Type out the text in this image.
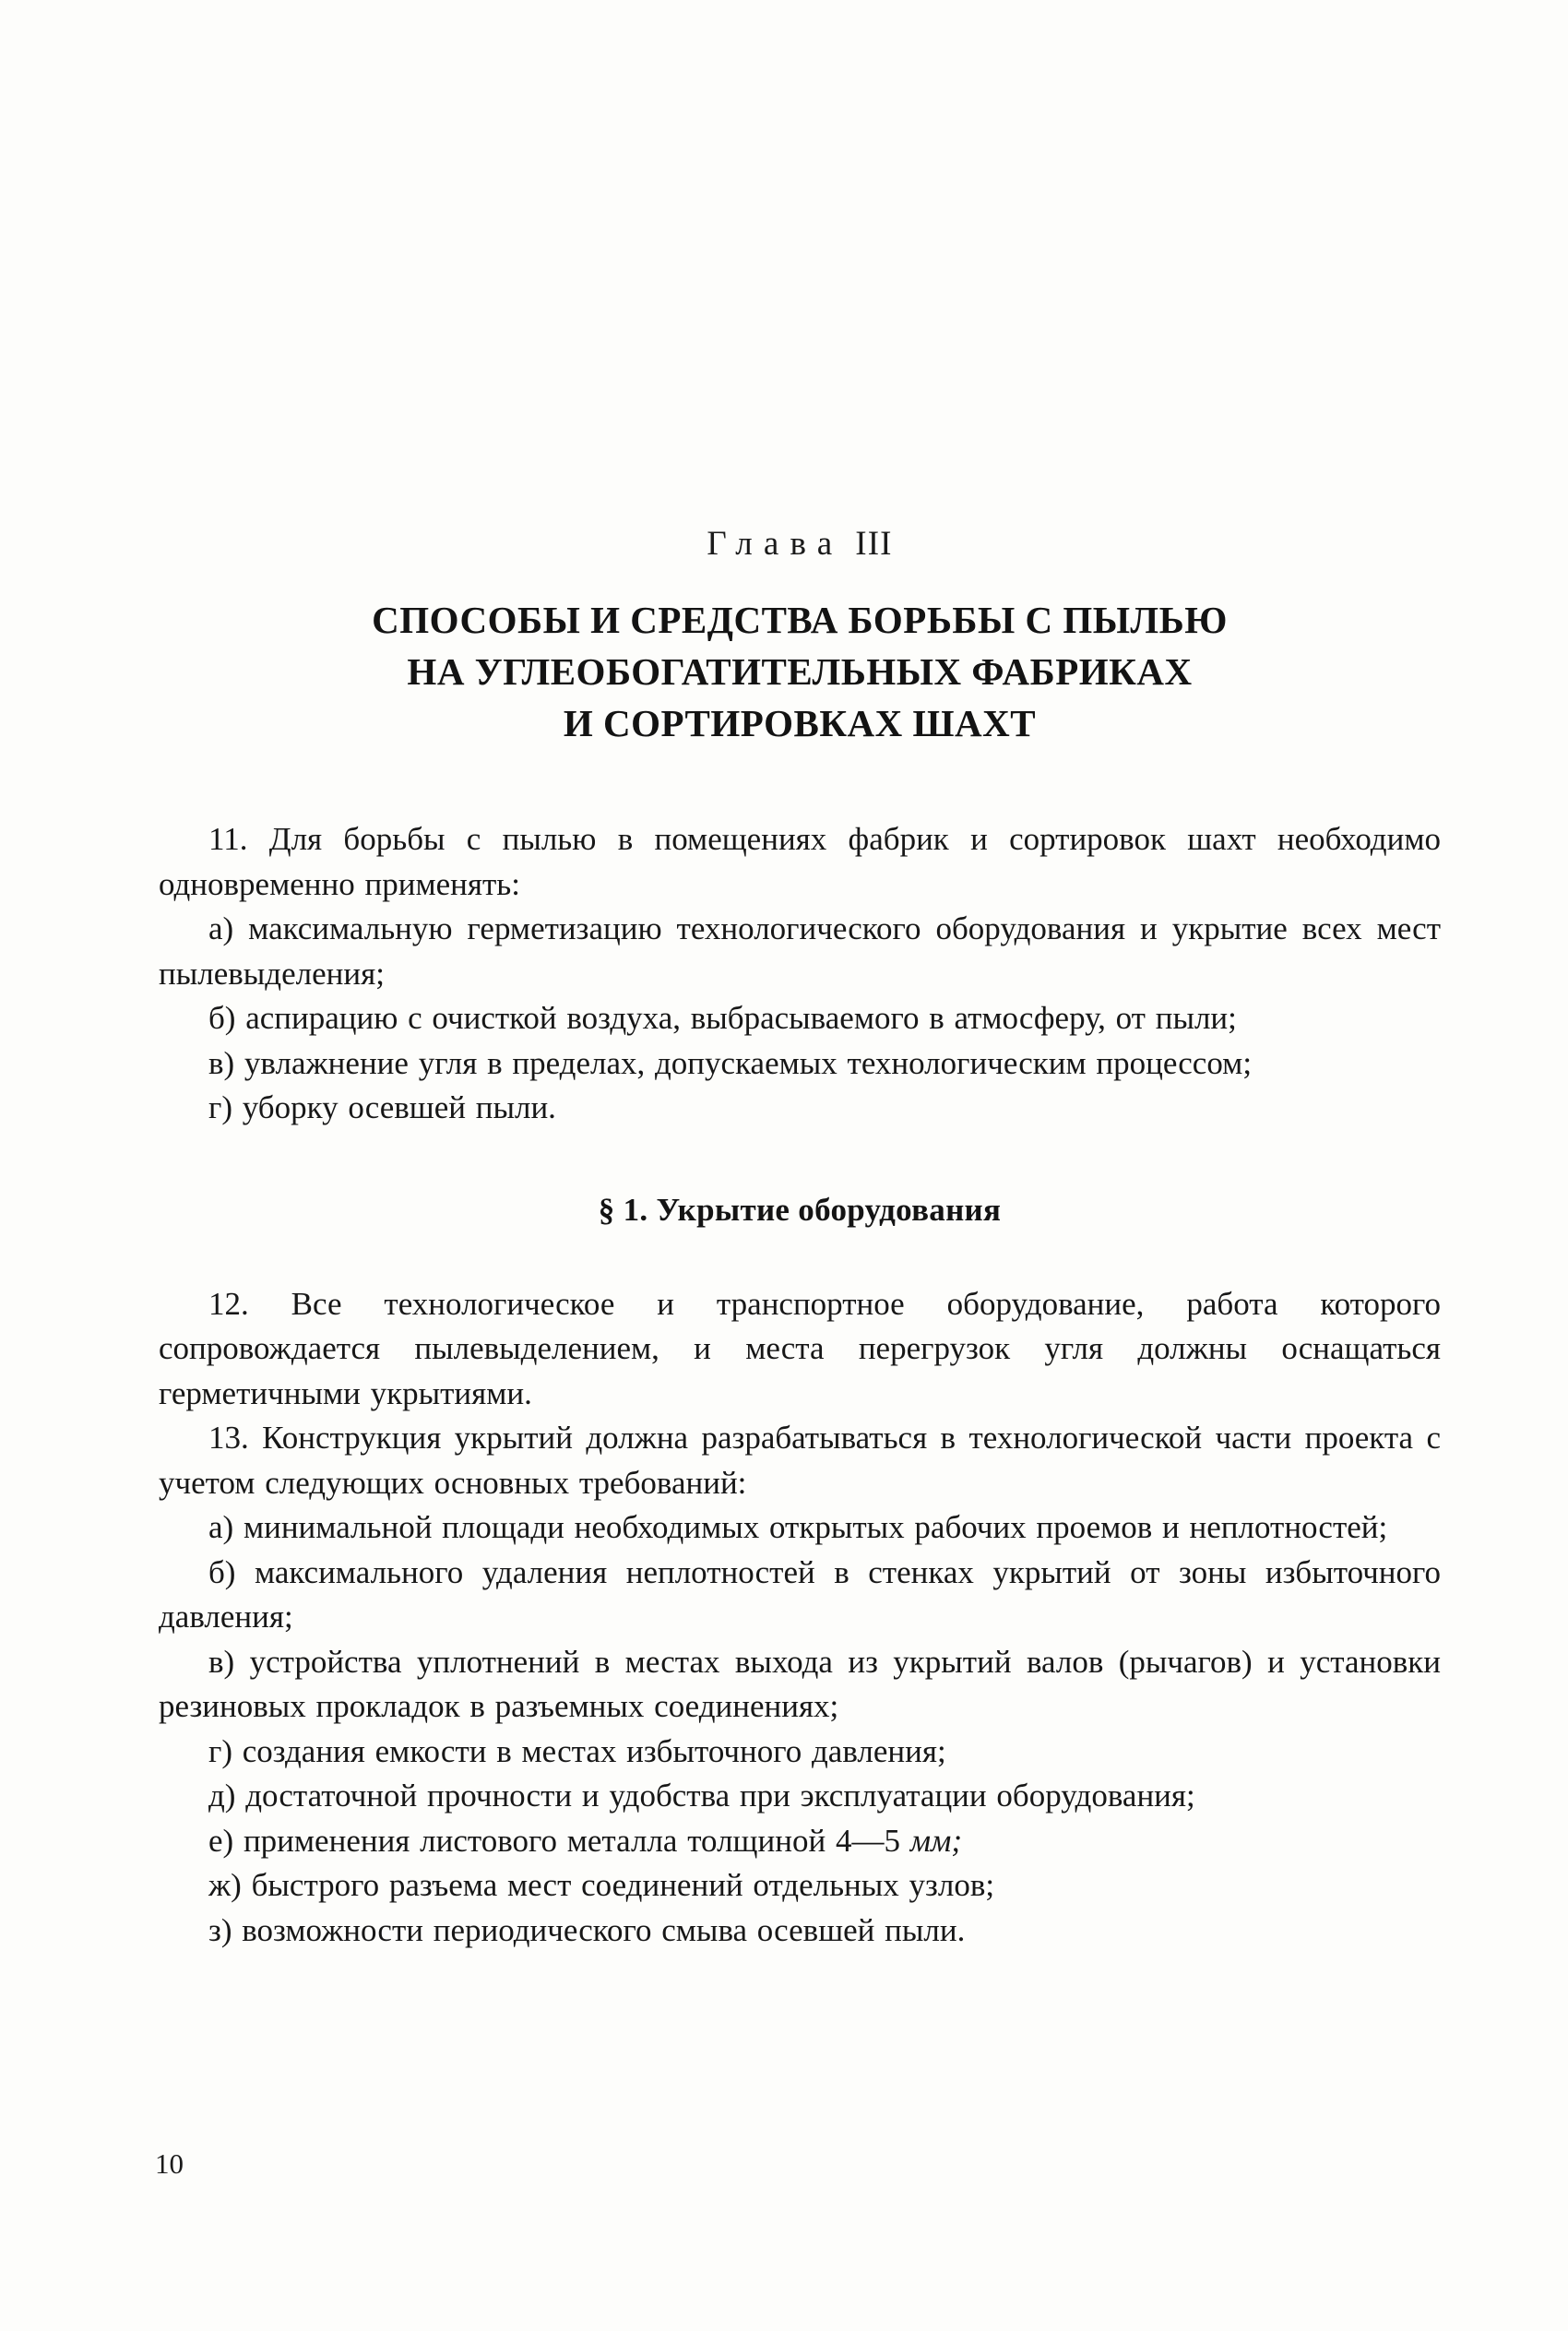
Глава III
СПОСОБЫ И СРЕДСТВА БОРЬБЫ С ПЫЛЬЮ
НА УГЛЕОБОГАТИТЕЛЬНЫХ ФАБРИКАХ
И СОРТИРОВКАХ ШАХТ

11. Для борьбы с пылью в помещениях фабрик и сортировок шахт необходимо одновременно применять:

а) максимальную герметизацию технологического оборудования и укрытие всех мест пылевыделения;

б) аспирацию с очисткой воздуха, выбрасываемого в атмосферу, от пыли;

в) увлажнение угля в пределах, допускаемых технологическим процессом;

г) уборку осевшей пыли.

§ 1. Укрытие оборудования

12. Все технологическое и транспортное оборудование, работа которого сопровождается пылевыделением, и места перегрузок угля должны оснащаться герметичными укрытиями.

13. Конструкция укрытий должна разрабатываться в технологической части проекта с учетом следующих основных требований:

а) минимальной площади необходимых открытых рабочих проемов и неплотностей;

б) максимального удаления неплотностей в стенках укрытий от зоны избыточного давления;

в) устройства уплотнений в местах выхода из укрытий валов (рычагов) и установки резиновых прокладок в разъемных соединениях;

г) создания емкости в местах избыточного давления;

д) достаточной прочности и удобства при эксплуатации оборудования;

е) применения листового металла толщиной 4—5 мм;

ж) быстрого разъема мест соединений отдельных узлов;

з) возможности периодического смыва осевшей пыли.

10
